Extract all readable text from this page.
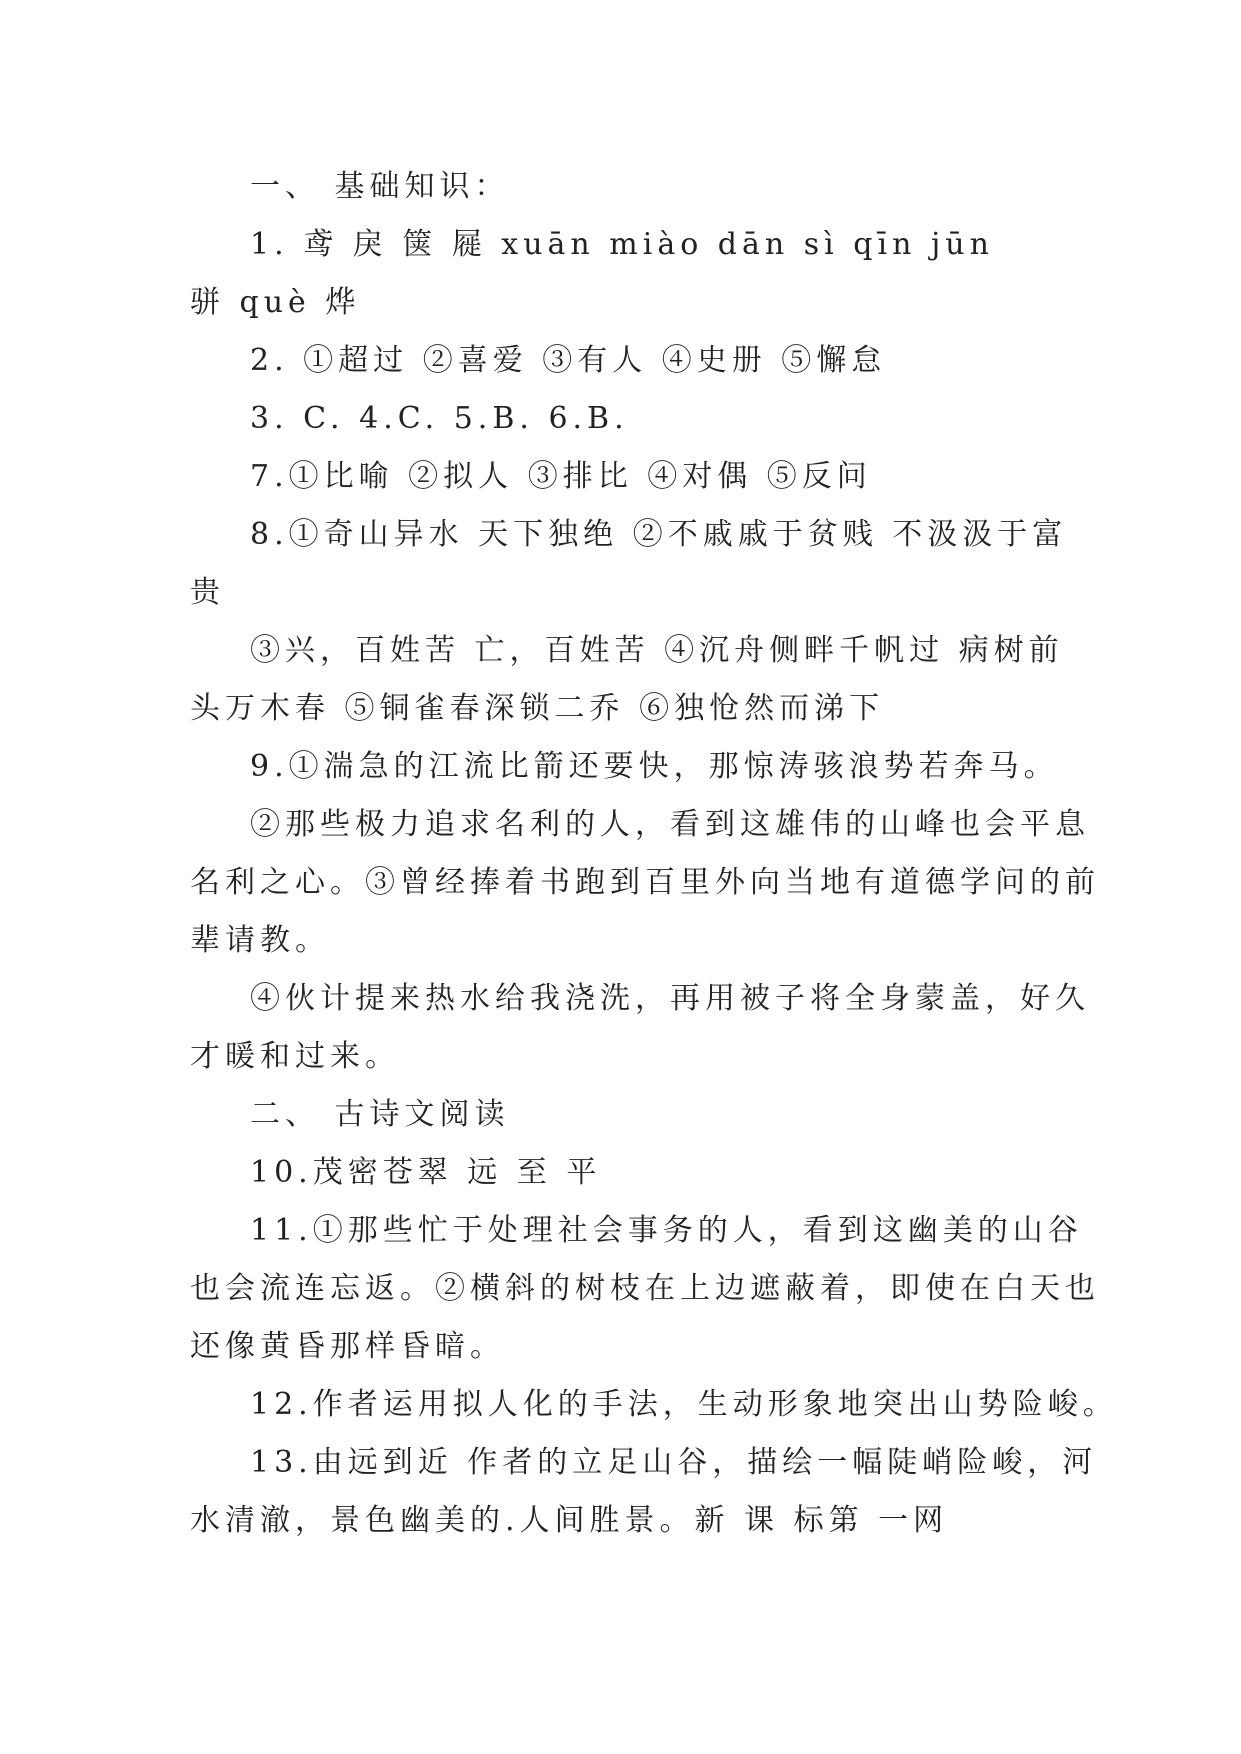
一、 基础知识：
1. 鸢 戾 箧 屣 xuān miào dān sì qīn jūn
骈 què 烨
2. ①超过 ②喜爱 ③有人 ④史册 ⑤懈怠
3. C. 4.C. 5.B. 6.B.
7.①比喻 ②拟人 ③排比 ④对偶 ⑤反问
8.①奇山异水 天下独绝 ②不戚戚于贫贱 不汲汲于富
贵
③兴，百姓苦 亡，百姓苦 ④沉舟侧畔千帆过 病树前
头万木春 ⑤铜雀春深锁二乔 ⑥独怆然而涕下
9.①湍急的江流比箭还要快，那惊涛骇浪势若奔马。
②那些极力追求名利的人，看到这雄伟的山峰也会平息
名利之心。③曾经捧着书跑到百里外向当地有道德学问的前
辈请教。
④伙计提来热水给我浇洗，再用被子将全身蒙盖，好久
才暖和过来。
二、 古诗文阅读
10.茂密苍翠 远 至 平
11.①那些忙于处理社会事务的人，看到这幽美的山谷
也会流连忘返。②横斜的树枝在上边遮蔽着，即使在白天也
还像黄昏那样昏暗。
12.作者运用拟人化的手法，生动形象地突出山势险峻。
13.由远到近 作者的立足山谷，描绘一幅陡峭险峻，河
水清澈，景色幽美的.人间胜景。新 课 标第 一网
